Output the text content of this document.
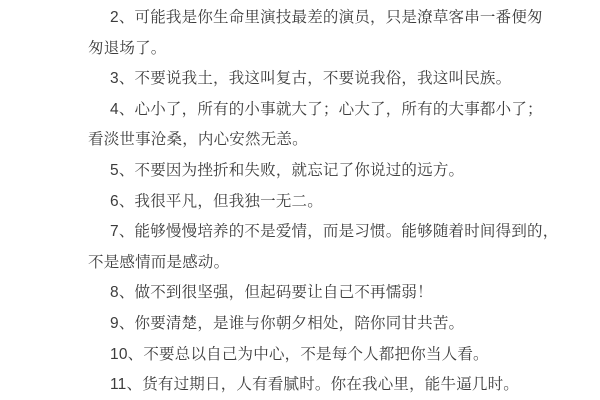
2、可能我是你生命里演技最差的演员，只是潦草客串一番便匆
匆退场了。

3、不要说我土，我这叫复古，不要说我俗，我这叫民族。

4、心小了，所有的小事就大了；心大了，所有的大事都小了；
看淡世事沧桑，内心安然无恙。

5、不要因为挫折和失败，就忘记了你说过的远方。

6、我很平凡，但我独一无二。

7、能够慢慢培养的不是爱情，而是习惯。能够随着时间得到的，
不是感情而是感动。

8、做不到很坚强，但起码要让自己不再懦弱！

9、你要清楚，是谁与你朝夕相处，陪你同甘共苦。

10、不要总以自己为中心，不是每个人都把你当人看。

11、货有过期日，人有看腻时。你在我心里，能牛逼几时。
